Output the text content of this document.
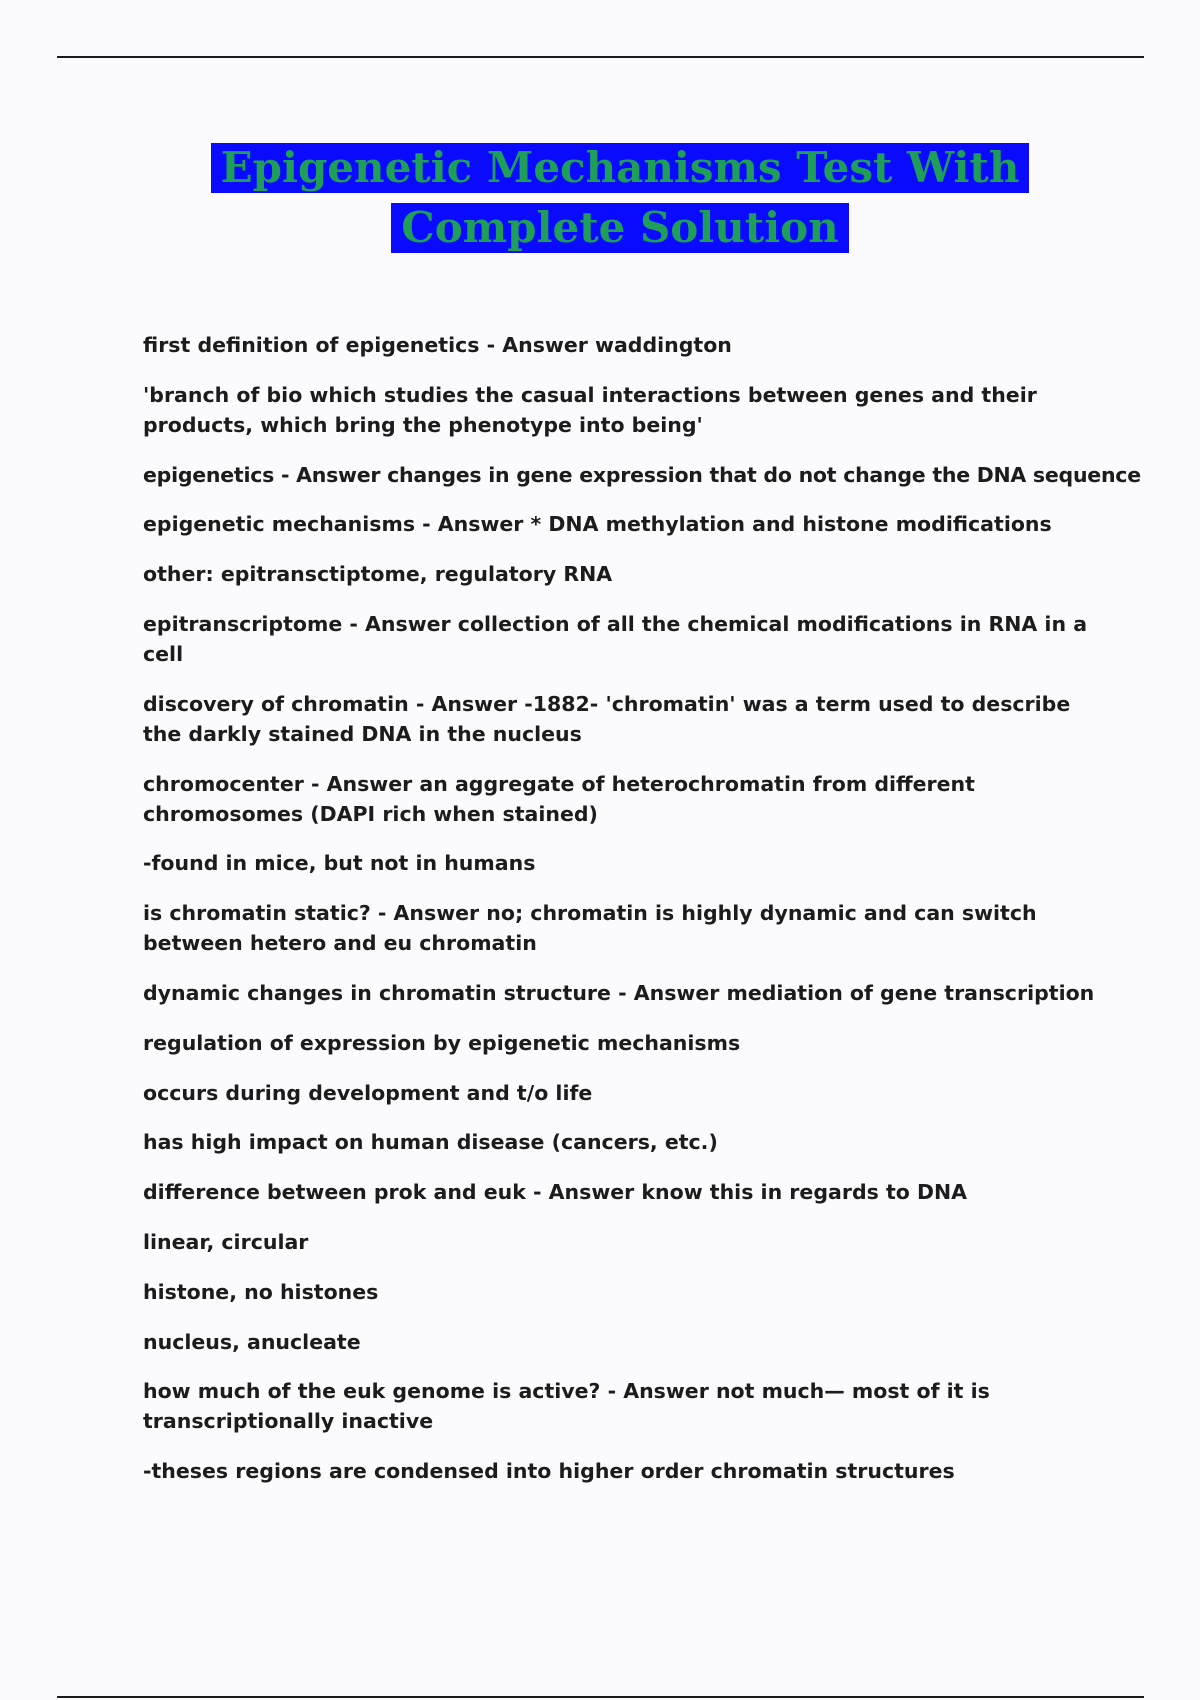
Epigenetic Mechanisms Test With
Complete Solution
first definition of epigenetics - Answer waddington
'branch of bio which studies the casual interactions between genes and their products, which bring the phenotype into being'
epigenetics - Answer changes in gene expression that do not change the DNA sequence
epigenetic mechanisms - Answer * DNA methylation and histone modifications
other: epitransctiptome, regulatory RNA
epitranscriptome - Answer collection of all the chemical modifications in RNA in a cell
discovery of chromatin - Answer -1882- 'chromatin' was a term used to describe the darkly stained DNA in the nucleus
chromocenter - Answer an aggregate of heterochromatin from different chromosomes (DAPI rich when stained)
-found in mice, but not in humans
is chromatin static? - Answer no; chromatin is highly dynamic and can switch between hetero and eu chromatin
dynamic changes in chromatin structure - Answer mediation of gene transcription
regulation of expression by epigenetic mechanisms
occurs during development and t/o life
has high impact on human disease (cancers, etc.)
difference between prok and euk - Answer know this in regards to DNA
linear, circular
histone, no histones
nucleus, anucleate
how much of the euk genome is active? - Answer not much— most of it is transcriptionally inactive
-theses regions are condensed into higher order chromatin structures
